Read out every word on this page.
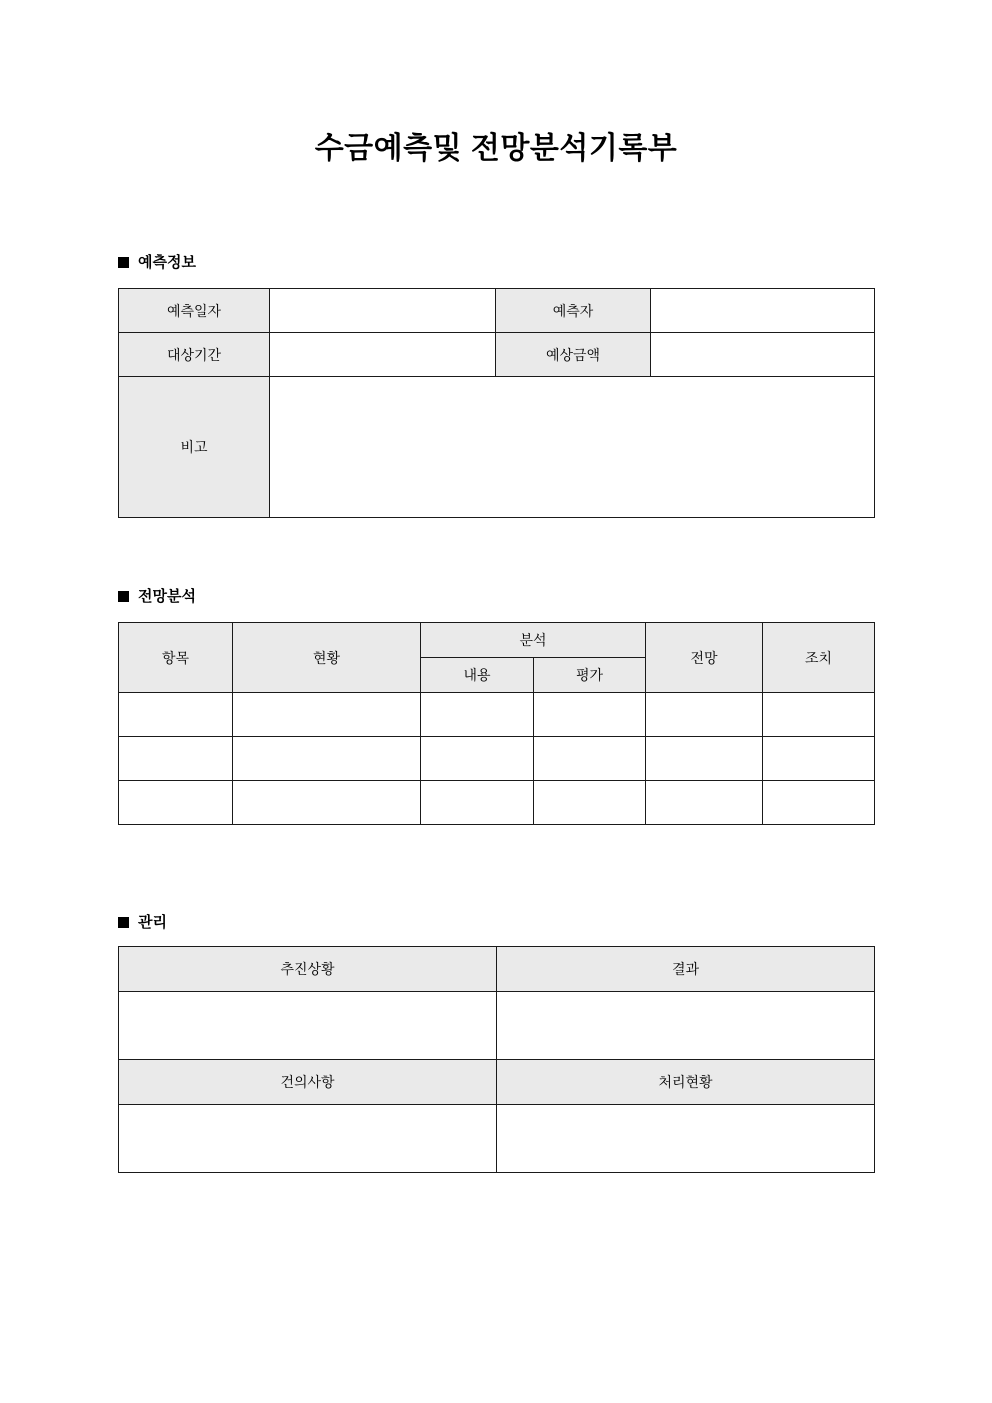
수금예측및 전망분석기록부
예측정보
예측일자		예측자	
대상기간		예상금액	
비고			
전망분석
항목	현황	분석		전망	조치
		내용	평가		

관리
추진상황	결과

건의사항	처리현황
